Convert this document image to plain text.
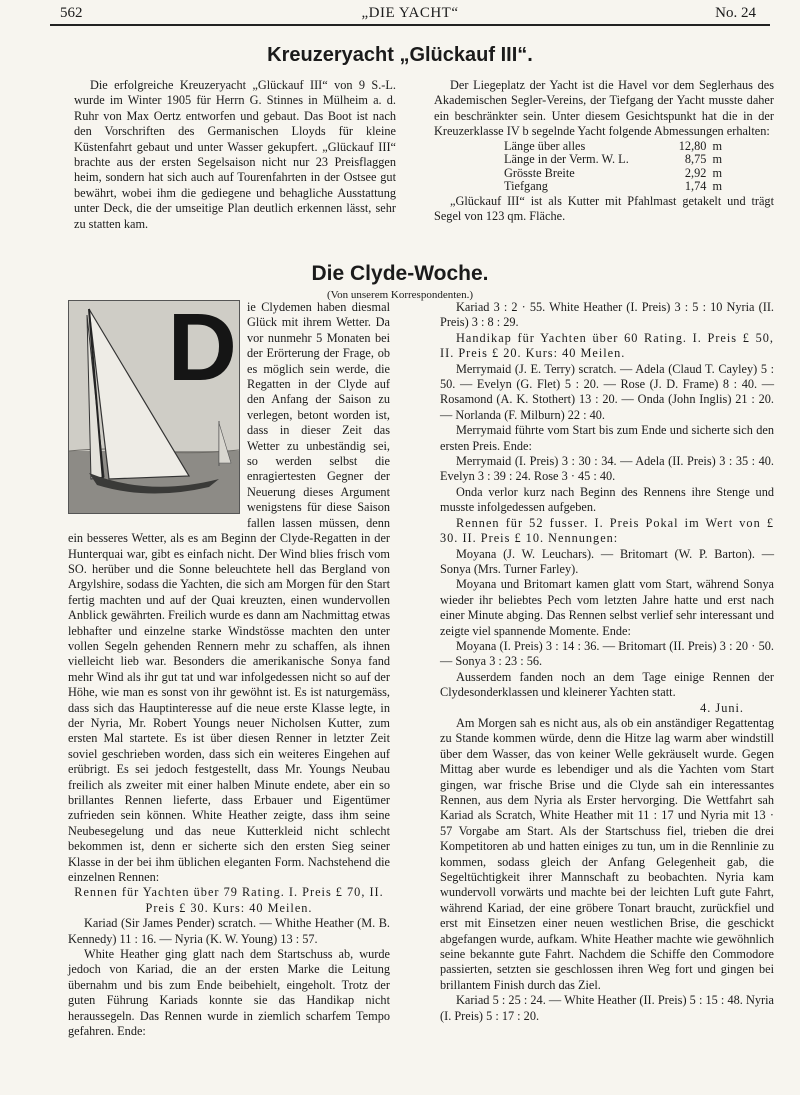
562	„DIE YACHT“	No. 24
Kreuzeryacht „Glückauf III“.

Die erfolgreiche Kreuzeryacht „Glückauf III“ von 9 S.-L. wurde im Winter 1905 für Herrn G. Stinnes in Mülheim a. d. Ruhr von Max Oertz entworfen und gebaut. Das Boot ist nach den Vorschriften des Germanischen Lloyds für kleine Küstenfahrt gebaut und unter Wasser gekupfert. „Glückauf III“ brachte aus der ersten Segelsaison nicht nur 23 Preisflaggen heim, sondern hat sich auch auf Tourenfahrten in der Ostsee gut bewährt, wobei ihm die gediegene und behagliche Ausstattung unter Deck, die der umseitige Plan deutlich erkennen lässt, sehr zu statten kam.

Der Liegeplatz der Yacht ist die Havel vor dem Seglerhaus des Akademischen Segler-Vereins, der Tiefgang der Yacht musste daher ein beschränkter sein. Unter diesem Gesichtspunkt hat die in der Kreuzerklasse IV b segelnde Yacht folgende Abmessungen erhalten:

Länge über alles	12,80	m
Länge in der Verm. W. L.	8,75	m
Grösste Breite	2,92	m
Tiefgang	1,74	m

„Glückauf III“ ist als Kutter mit Pfahlmast getakelt und trägt Segel von 123 qm. Fläche.

Die Clyde-Woche.
(Von unserem Korrespondenten.)
D ie Clydemen haben diesmal Glück mit ihrem Wetter. Da vor nunmehr 5 Monaten bei der Erörterung der Frage, ob es möglich sein werde, die Regatten in der Clyde auf den Anfang der Saison zu verlegen, betont worden ist, dass in dieser Zeit das Wetter zu unbeständig sei, so werden selbst die enragiertesten Gegner der Neuerung dieses Argument wenigstens für diese Saison fallen lassen müssen, denn ein besseres Wetter, als es am Beginn der Clyde-Regatten in der Hunterquai war, gibt es einfach nicht. Der Wind blies frisch vom SO. herüber und die Sonne beleuchtete hell das Bergland von Argylshire, sodass die Yachten, die sich am Morgen für den Start fertig machten und auf der Quai kreuzten, einen wundervollen Anblick gewährten. Freilich wurde es dann am Nachmittag etwas lebhafter und einzelne starke Windstösse machten den unter vollen Segeln gehenden Rennern mehr zu schaffen, als ihnen vielleicht lieb war. Besonders die amerikanische Sonya fand mehr Wind als ihr gut tat und war infolgedessen nicht so auf der Höhe, wie man es sonst von ihr gewöhnt ist. Es ist naturgemäss, dass sich das Hauptinteresse auf die neue erste Klasse legte, in der Nyria, Mr. Robert Youngs neuer Nicholsen Kutter, zum ersten Mal startete. Es ist über diesen Renner in letzter Zeit soviel geschrieben worden, dass sich ein weiteres Eingehen auf erübrigt. Es sei jedoch festgestellt, dass Mr. Youngs Neubau freilich als zweiter mit einer halben Minute endete, aber ein so brillantes Rennen lieferte, dass Erbauer und Eigentümer zufrieden sein können. White Heather zeigte, dass ihm seine Neubesegelung und das neue Kutterkleid nicht schlecht bekommen ist, denn er sicherte sich den ersten Sieg seiner Klasse in der bei ihm üblichen eleganten Form. Nachstehend die einzelnen Rennen:

Rennen für Yachten über 79 Rating. I. Preis £ 70, II. Preis £ 30. Kurs: 40 Meilen.

Kariad (Sir James Pender) scratch. — Whithe Heather (M. B. Kennedy) 11 : 16. — Nyria (K. W. Young) 13 : 57.

White Heather ging glatt nach dem Startschuss ab, wurde jedoch von Kariad, die an der ersten Marke die Leitung übernahm und bis zum Ende beibehielt, eingeholt. Trotz der guten Führung Kariads konnte sie das Handikap nicht heraussegeln. Das Rennen wurde in ziemlich scharfem Tempo gefahren. Ende:

Kariad 3 : 2 · 55. White Heather (I. Preis) 3 : 5 : 10 Nyria (II. Preis) 3 : 8 : 29.

Handikap für Yachten über 60 Rating. I. Preis £ 50, II. Preis £ 20. Kurs: 40 Meilen.

Merrymaid (J. E. Terry) scratch. — Adela (Claud T. Cayley) 5 : 50. — Evelyn (G. Flet) 5 : 20. — Rose (J. D. Frame) 8 : 40. — Rosamond (A. K. Stothert) 13 : 20. — Onda (John Inglis) 21 : 20. — Norlanda (F. Milburn) 22 : 40.

Merrymaid führte vom Start bis zum Ende und sicherte sich den ersten Preis. Ende:

Merrymaid (I. Preis) 3 : 30 : 34. — Adela (II. Preis) 3 : 35 : 40. Evelyn 3 : 39 : 24. Rose 3 · 45 : 40.

Onda verlor kurz nach Beginn des Rennens ihre Stenge und musste infolgedessen aufgeben.

Rennen für 52 fusser. I. Preis Pokal im Wert von £ 30. II. Preis £ 10. Nennungen:

Moyana (J. W. Leuchars). — Britomart (W. P. Barton). — Sonya (Mrs. Turner Farley).

Moyana und Britomart kamen glatt vom Start, während Sonya wieder ihr beliebtes Pech vom letzten Jahre hatte und erst nach einer Minute abging. Das Rennen selbst verlief sehr interessant und zeigte viel spannende Momente. Ende:

Moyana (I. Preis) 3 : 14 : 36. — Britomart (II. Preis) 3 : 20 · 50. — Sonya 3 : 23 : 56.

Ausserdem fanden noch an dem Tage einige Rennen der Clydesonderklassen und kleinerer Yachten statt.

4. Juni.

Am Morgen sah es nicht aus, als ob ein anständiger Regattentag zu Stande kommen würde, denn die Hitze lag warm aber windstill über dem Wasser, das von keiner Welle gekräuselt wurde. Gegen Mittag aber wurde es lebendiger und als die Yachten vom Start gingen, war frische Brise und die Clyde sah ein interessantes Rennen, aus dem Nyria als Erster hervorging. Die Wettfahrt sah Kariad als Scratch, White Heather mit 11 : 17 und Nyria mit 13 · 57 Vorgabe am Start. Als der Startschuss fiel, trieben die drei Kompetitoren ab und hatten einiges zu tun, um in die Rennlinie zu kommen, sodass gleich der Anfang Gelegenheit gab, die Segeltüchtigkeit ihrer Mannschaft zu beobachten. Nyria kam wundervoll vorwärts und machte bei der leichten Luft gute Fahrt, während Kariad, der eine gröbere Tonart braucht, zurückfiel und erst mit Einsetzen einer neuen westlichen Brise, die geschickt abgefangen wurde, aufkam. White Heather machte wie gewöhnlich seine bekannte gute Fahrt. Nachdem die Schiffe den Commodore passierten, setzten sie geschlossen ihren Weg fort und gingen bei brillantem Finish durch das Ziel.

Kariad 5 : 25 : 24. — White Heather (II. Preis) 5 : 15 : 48. Nyria (I. Preis) 5 : 17 : 20.
